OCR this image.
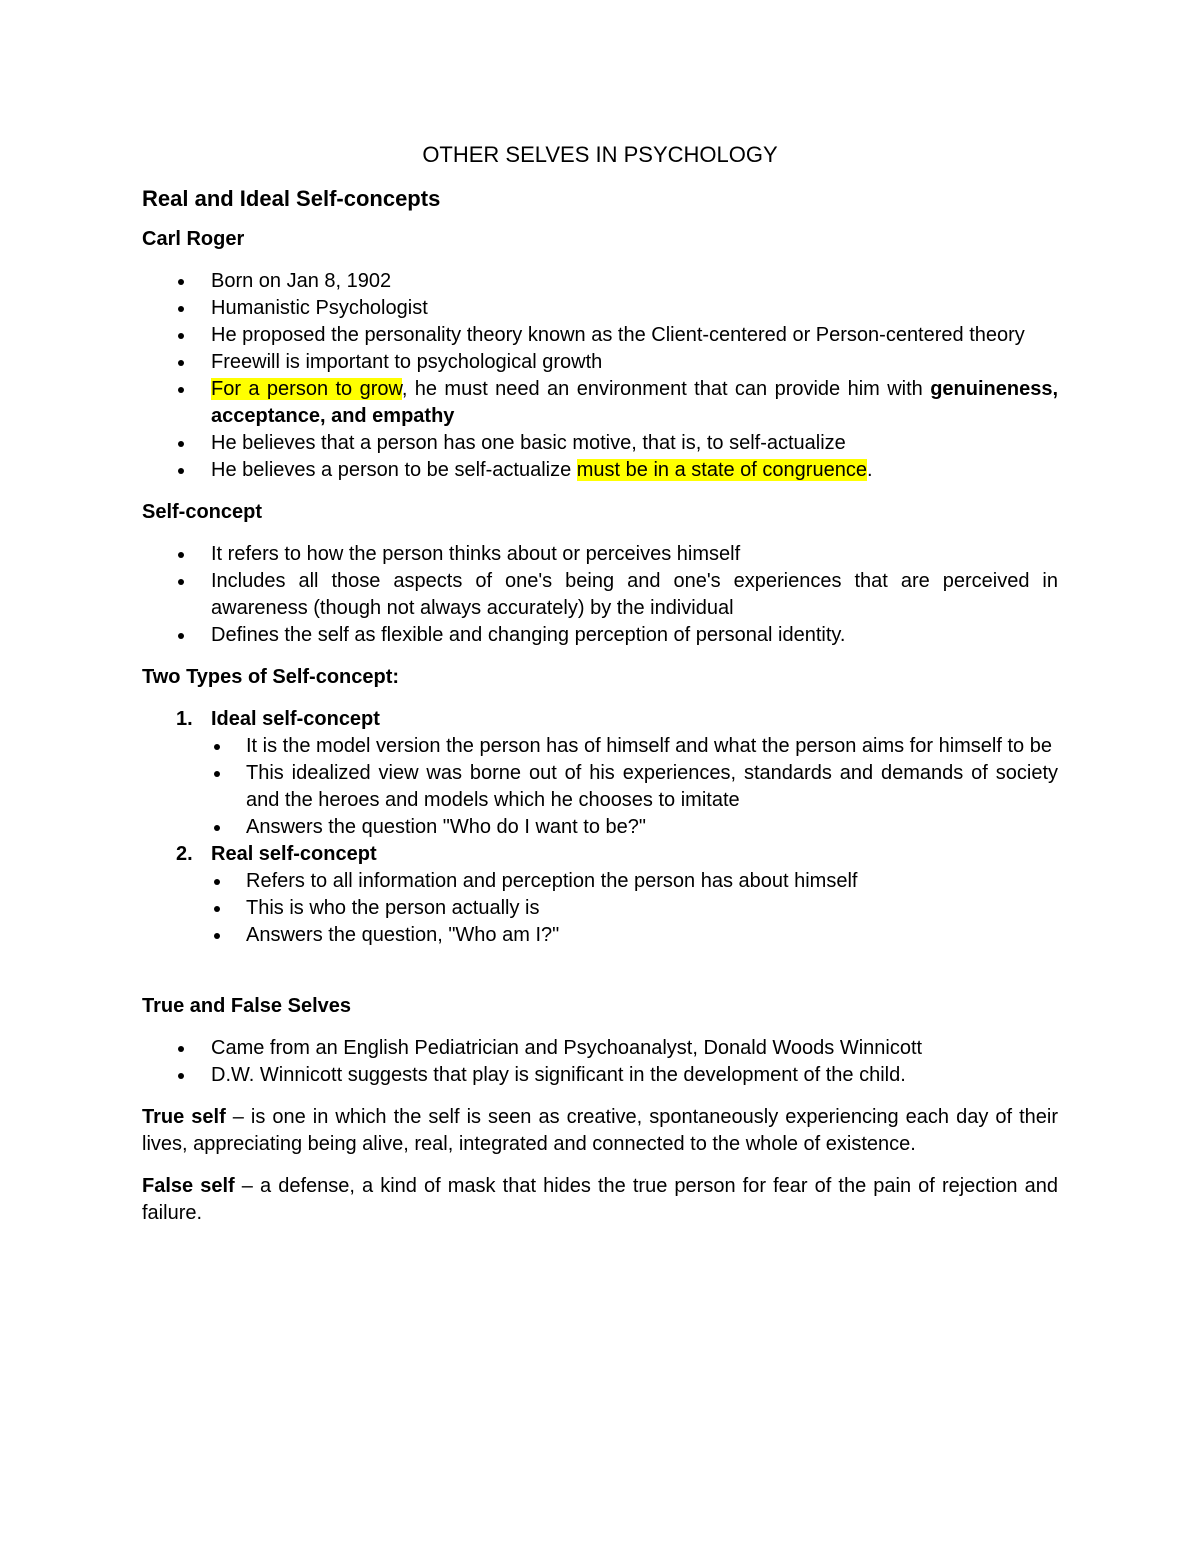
OTHER SELVES IN PSYCHOLOGY
Real and Ideal Self-concepts
Carl Roger
Born on Jan 8, 1902
Humanistic Psychologist
He proposed the personality theory known as the Client-centered or Person-centered theory
Freewill is important to psychological growth
For a person to grow, he must need an environment that can provide him with genuineness, acceptance, and empathy
He believes that a person has one basic motive, that is, to self-actualize
He believes a person to be self-actualize must be in a state of congruence.
Self-concept
It refers to how the person thinks about or perceives himself
Includes all those aspects of one's being and one's experiences that are perceived in awareness (though not always accurately) by the individual
Defines the self as flexible and changing perception of personal identity.
Two Types of Self-concept:
1. Ideal self-concept
It is the model version the person has of himself and what the person aims for himself to be
This idealized view was borne out of his experiences, standards and demands of society and the heroes and models which he chooses to imitate
Answers the question "Who do I want to be?"
2. Real self-concept
Refers to all information and perception the person has about himself
This is who the person actually is
Answers the question, "Who am I?"
True and False Selves
Came from an English Pediatrician and Psychoanalyst, Donald Woods Winnicott
D.W. Winnicott suggests that play is significant in the development of the child.

True self – is one in which the self is seen as creative, spontaneously experiencing each day of their lives, appreciating being alive, real, integrated and connected to the whole of existence.

False self – a defense, a kind of mask that hides the true person for fear of the pain of rejection and failure.
